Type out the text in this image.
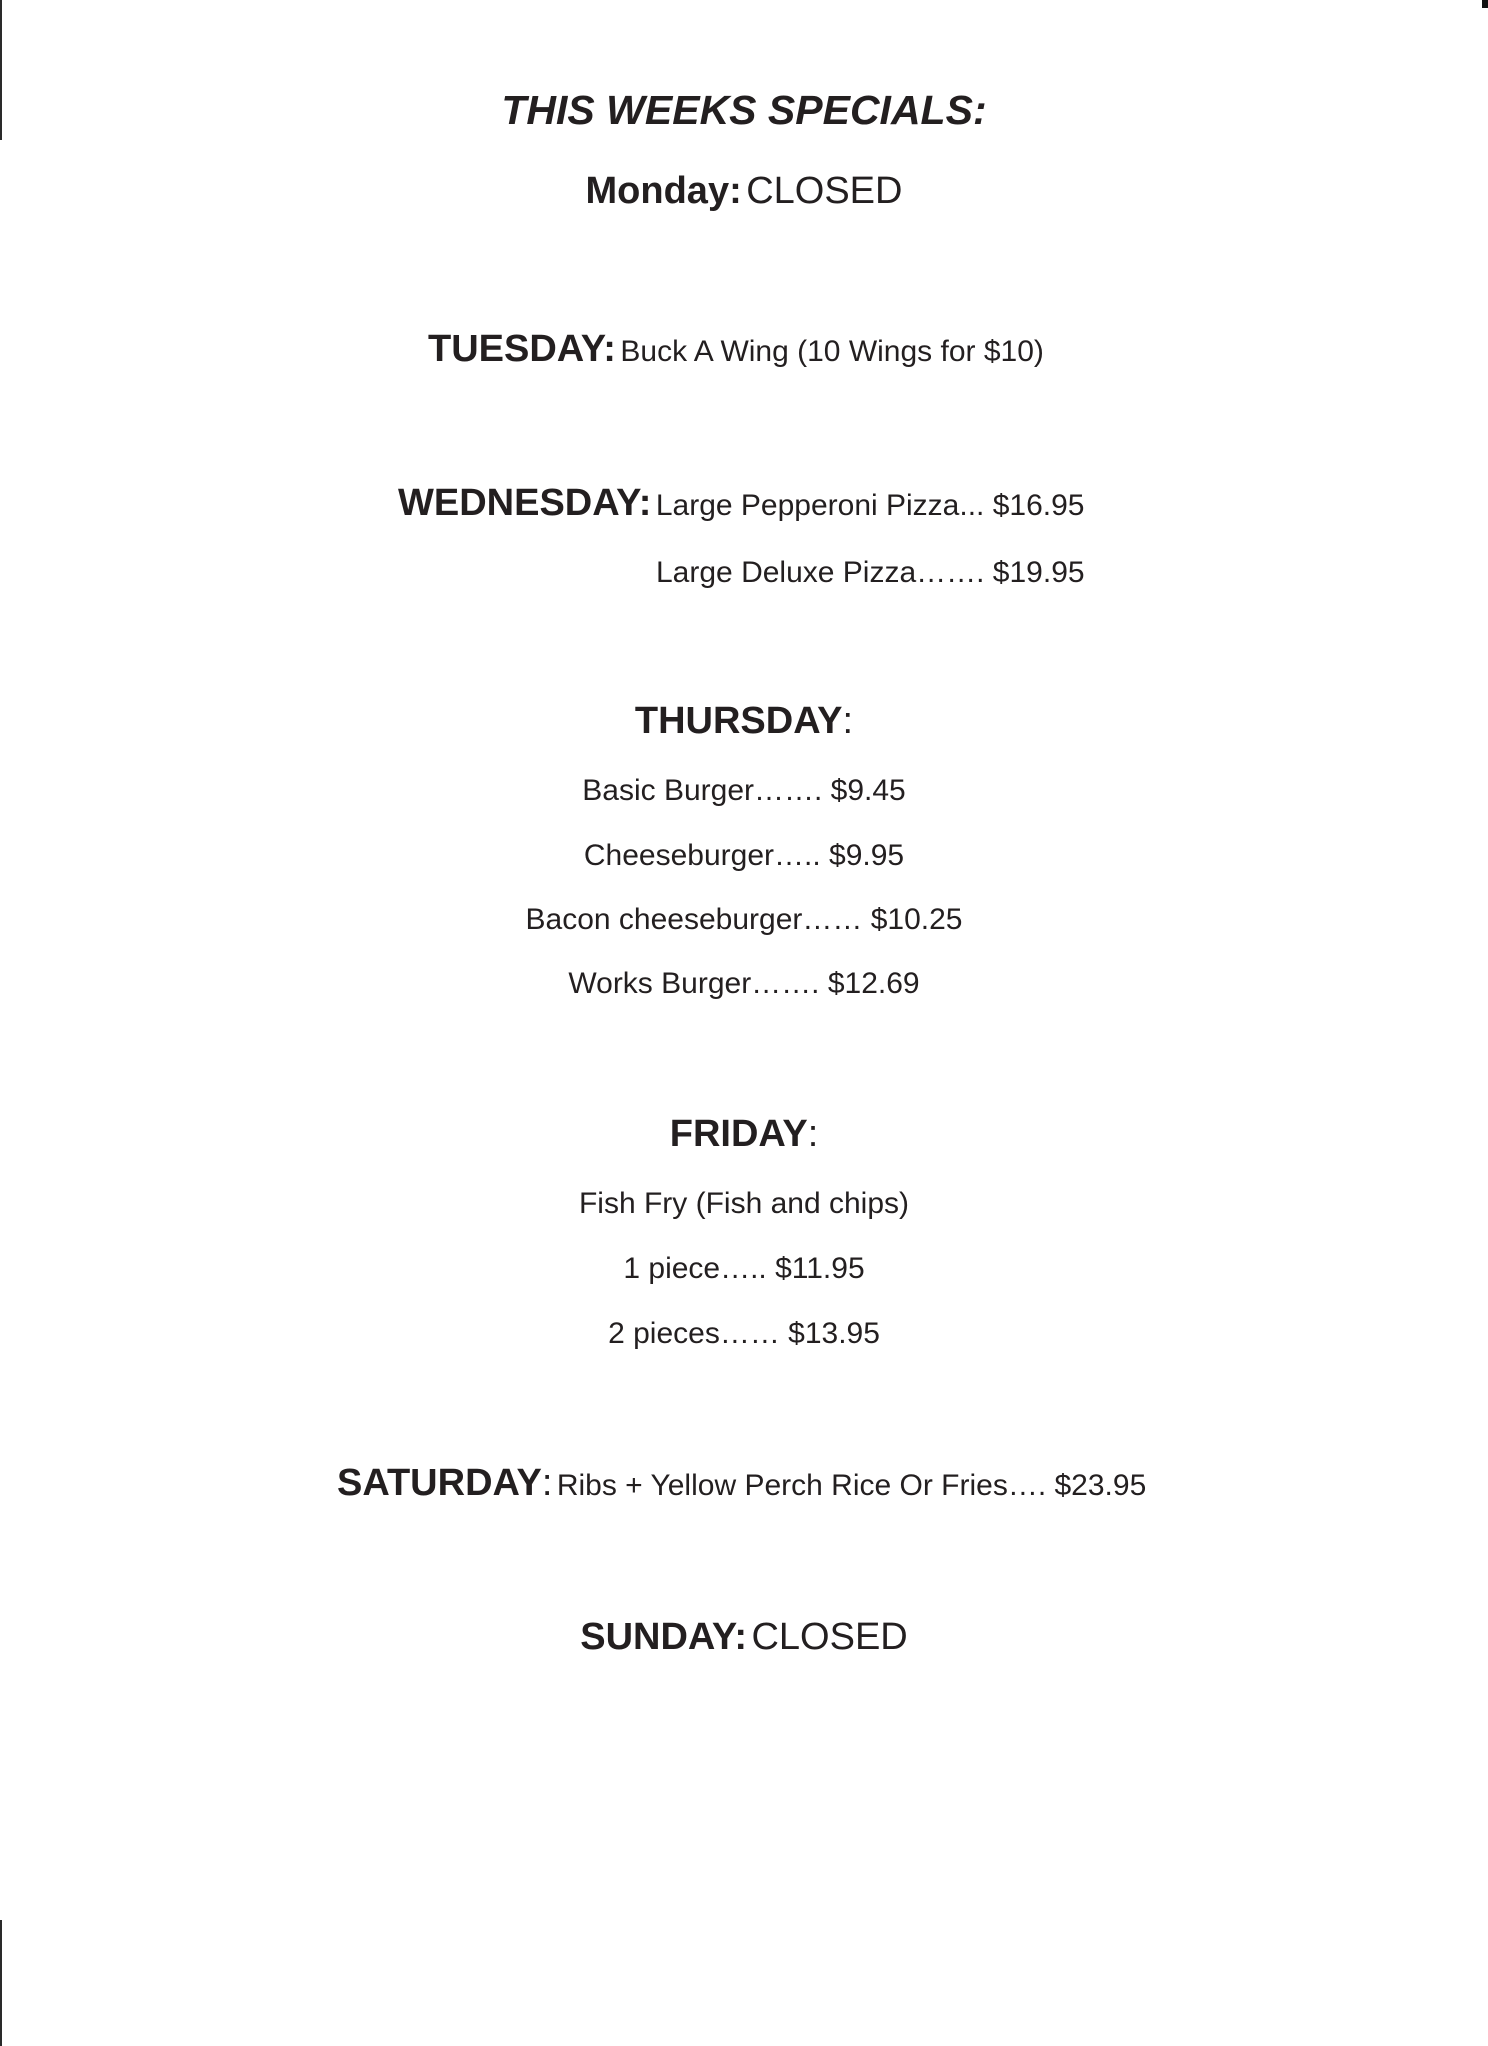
THIS WEEKS SPECIALS:
Monday: CLOSED
TUESDAY: Buck A Wing (10 Wings for $10)
WEDNESDAY: Large Pepperoni Pizza... $16.95
Large Deluxe Pizza……. $19.95
THURSDAY:
Basic Burger……. $9.45
Cheeseburger….. $9.95
Bacon cheeseburger…… $10.25
Works Burger……. $12.69
FRIDAY:
Fish Fry (Fish and chips)
1 piece….. $11.95
2 pieces…… $13.95
SATURDAY: Ribs + Yellow Perch Rice Or Fries…. $23.95
SUNDAY: CLOSED
